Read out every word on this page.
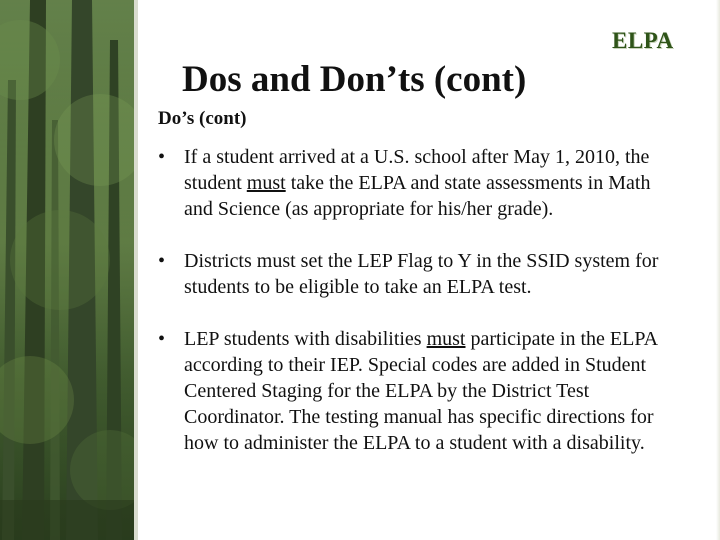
ELPA
Dos and Don’ts (cont)
Do’s (cont)
• If a student arrived at a U.S. school after May 1, 2010, the student must take the ELPA and state assessments in Math and Science (as appropriate for his/her grade).
• Districts must set the LEP Flag to Y in the SSID system for students to be eligible to take an ELPA test.
• LEP students with disabilities must participate in the ELPA according to their IEP. Special codes are added in Student Centered Staging for the ELPA by the District Test Coordinator. The testing manual has specific directions for how to administer the ELPA to a student with a disability.
